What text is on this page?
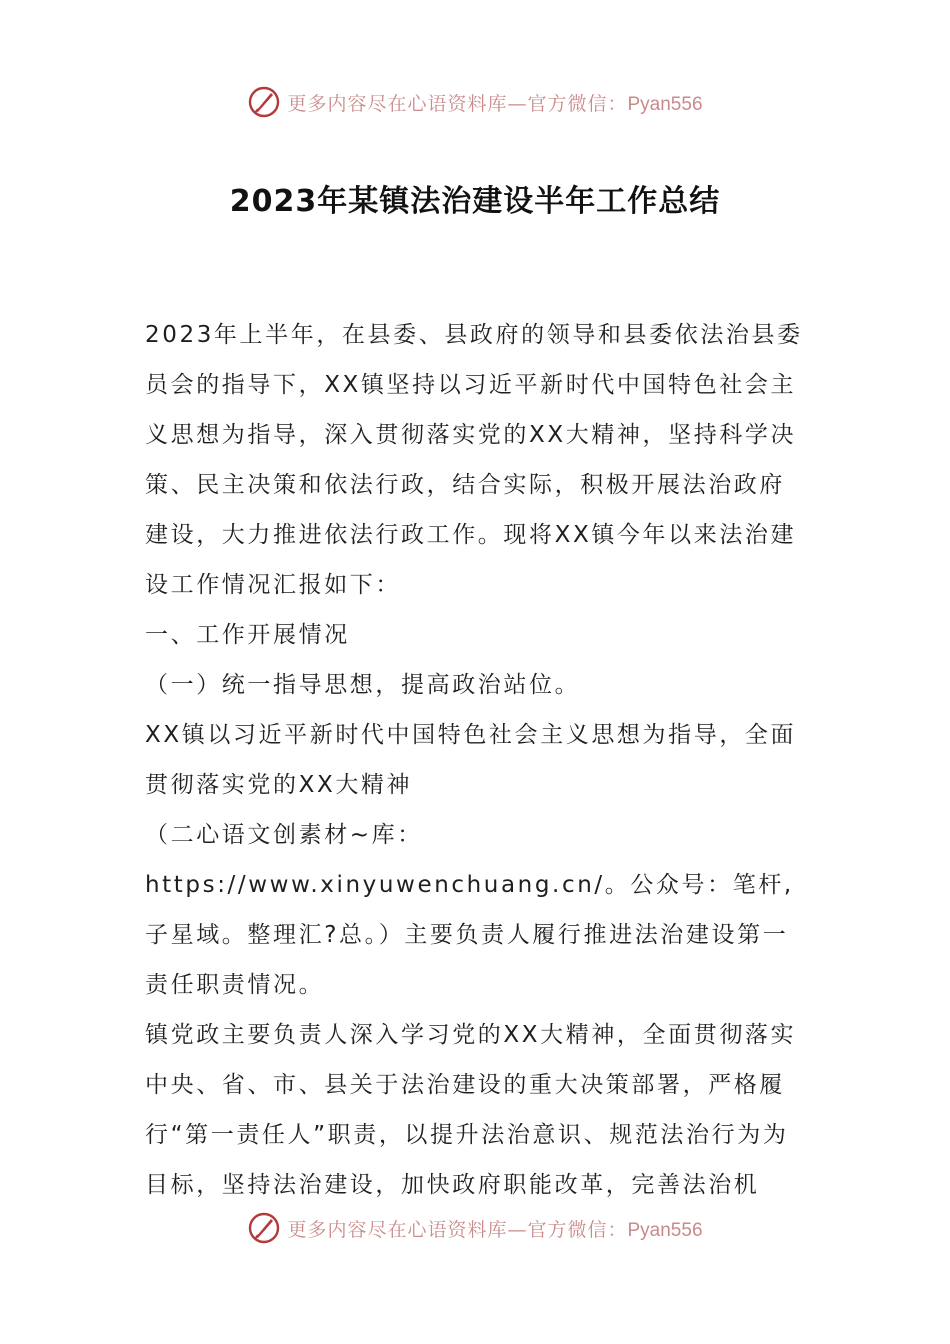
更多内容尽在心语资料库—官方微信：Pyan556
2023年某镇法治建设半年工作总结

2023年上半年，在县委、县政府的领导和县委依法治县委员会的指导下，XX镇坚持以习近平新时代中国特色社会主义思想为指导，深入贯彻落实党的XX大精神，坚持科学决策、民主决策和依法行政，结合实际，积极开展法治政府建设，大力推进依法行政工作。现将XX镇今年以来法治建设工作情况汇报如下：

一、工作开展情况

（一）统一指导思想，提高政治站位。

XX镇以习近平新时代中国特色社会主义思想为指导，全面贯彻落实党的XX大精神

（二心语文创素材~库：https://www.xinyuwenchuang.cn/。公众号：笔杆,子星域。整理汇?总。）主要负责人履行推进法治建设第一责任职责情况。

镇党政主要负责人深入学习党的XX大精神，全面贯彻落实中央、省、市、县关于法治建设的重大决策部署，严格履行“第一责任人”职责，以提升法治意识、规范法治行为为目标，坚持法治建设，加快政府职能改革，完善法治机

更多内容尽在心语资料库—官方微信：Pyan556
